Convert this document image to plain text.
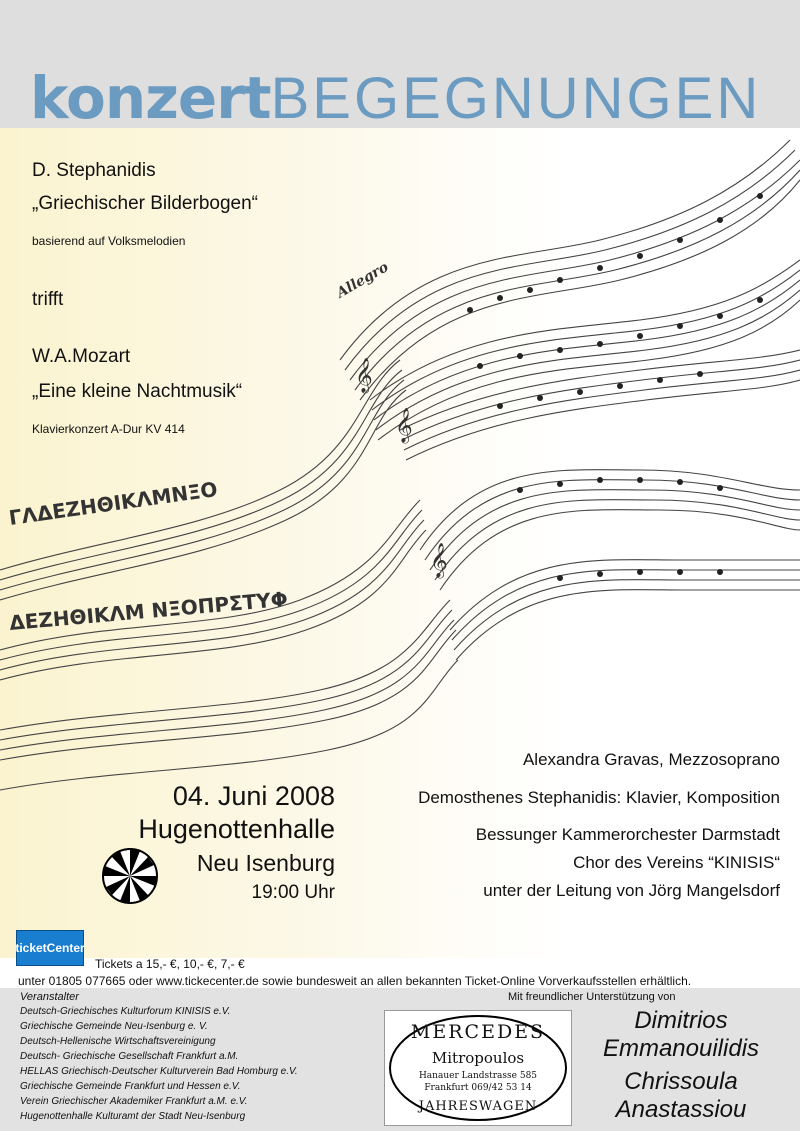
konzertBEGEGNUNGEN
Allegro
𝄞
𝄞
𝄞
ΓΛΔΕΖΗΘΙΚΛΜΝΞΟ
ΔΕΖΗΘΙΚΛΜ ΝΞΟΠΡΣΤΥΦ
D. Stephanidis
„Griechischer Bilderbogen“
basierend auf Volksmelodien
trifft
W.A.Mozart
„Eine kleine Nachtmusik“
Klavierkonzert A-Dur KV 414
04. Juni 2008
Hugenottenhalle
Neu Isenburg
19:00 Uhr
Alexandra Gravas, Mezzosoprano
Demosthenes Stephanidis: Klavier, Komposition
Bessunger Kammerorchester Darmstadt
Chor des Vereins “KINISIS“
unter der Leitung von Jörg Mangelsdorf
ticketCenter
Tickets a 15,- €, 10,- €, 7,- €
unter 01805 077665 oder www.tickecenter.de sowie bundesweit an allen bekannten Ticket-Online Vorverkaufsstellen erhältlich.
Veranstalter
Deutsch-Griechisches Kulturforum KINISIS e.V.
Griechische Gemeinde Neu-Isenburg e. V.
Deutsch-Hellenische Wirtschaftsvereinigung
Deutsch- Griechische Gesellschaft Frankfurt a.M.
HELLAS Griechisch-Deutscher Kulturverein Bad Homburg e.V.
Griechische Gemeinde Frankfurt und Hessen e.V.
Verein Griechischer Akademiker Frankfurt a.M. e.V.
Hugenottenhalle Kulturamt der Stadt Neu-Isenburg
Mit freundlicher Unterstützung von
MERCEDES
Mitropoulos
Hanauer Landstrasse 585
Frankfurt 069/42 53 14
JAHRESWAGEN
Dimitrios
Emmanouilidis
Chrissoula
Anastassiou
